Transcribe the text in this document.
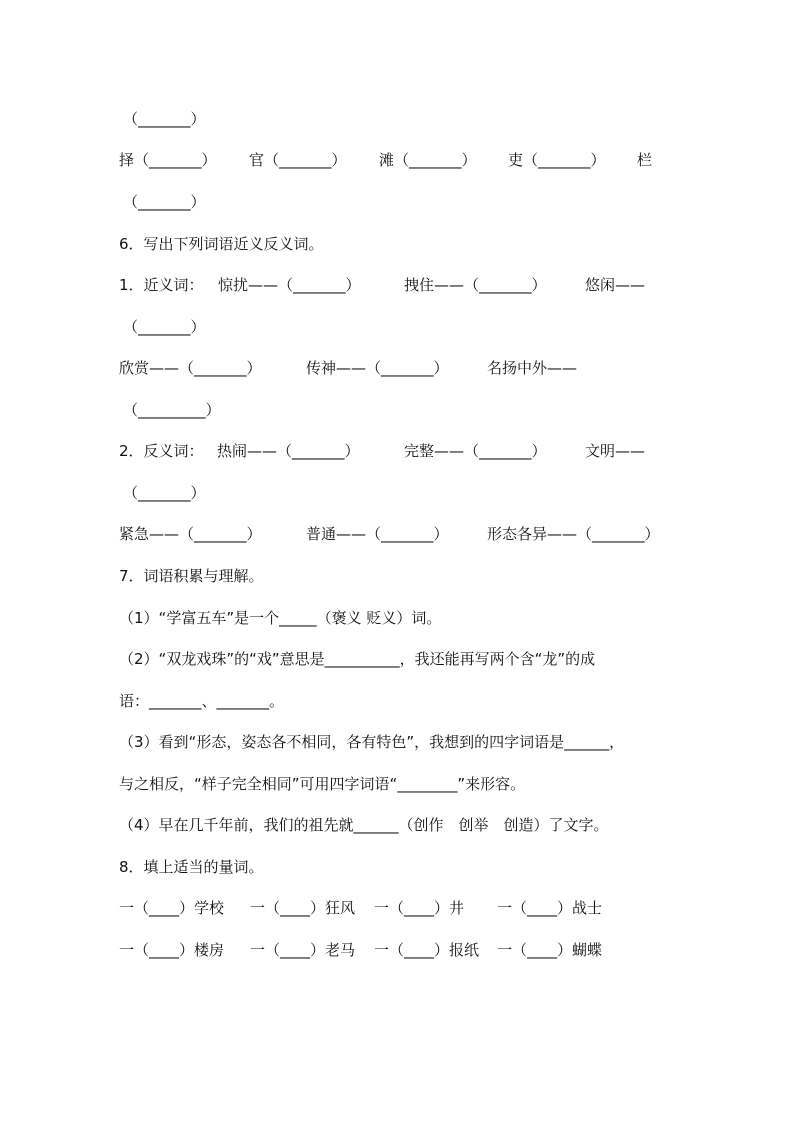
（_______）
择（_______） 官（_______） 滩（_______） 吏（_______） 栏
（_______）
6．写出下列词语近义反义词。
1．近义词： 惊扰——（_______）	拽住——（_______）	悠闲——
（_______）
欣赏——（_______）	传神——（_______）	名扬中外——
（_________）
2．反义词： 热闹——（_______）	完整——（_______）	文明——
（_______）
紧急——（_______）	普通——（_______）	形态各异——（_______）
7．词语积累与理解。
（1）“学富五车”是一个_____（褒义 贬义）词。
（2）“双龙戏珠”的“戏”意思是__________，我还能再写两个含“龙”的成
语：_______、_______。
（3）看到“形态，姿态各不相同，各有特色”，我想到的四字词语是______，
与之相反，“样子完全相同”可用四字词语“________”来形容。
（4）早在几千年前，我们的祖先就______（创作　创举　创造）了文字。
8．填上适当的量词。
一（____）学校 一（____）狂风 一（____）井 一（____）战士
一（____）楼房 一（____）老马 一（____）报纸 一（____）蝴蝶
